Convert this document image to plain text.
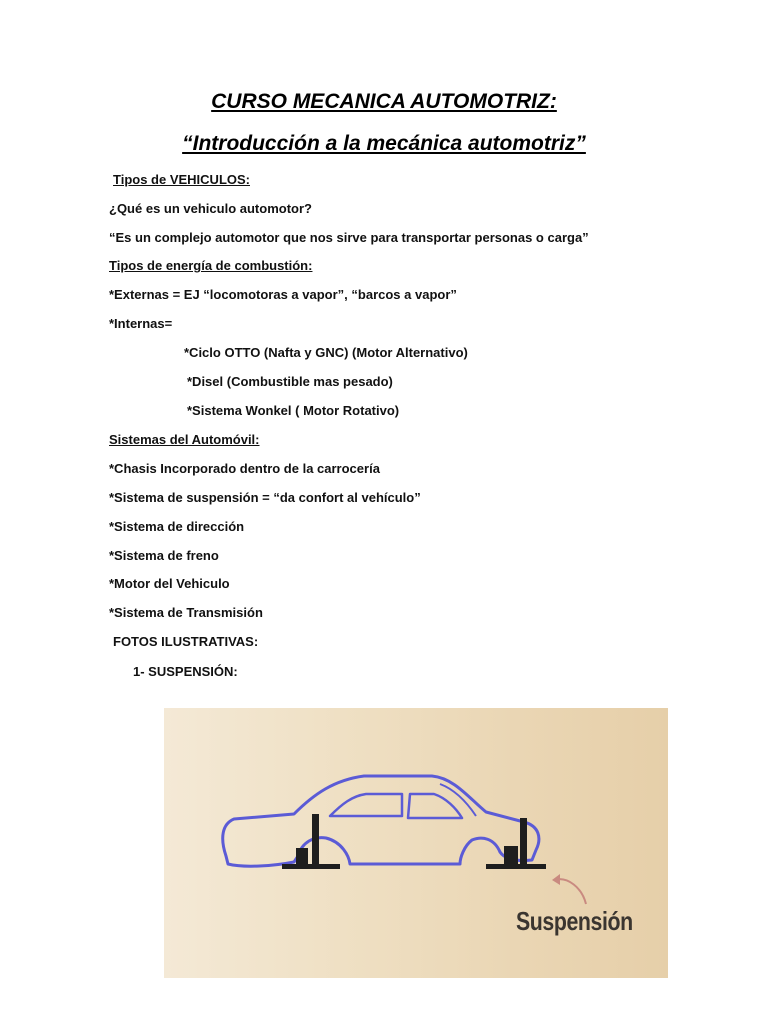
CURSO MECANICA AUTOMOTRIZ:
“Introducción a la mecánica automotriz”
Tipos de VEHICULOS:
¿Qué es un vehiculo automotor?
“Es un complejo automotor que nos sirve para transportar personas o carga”
Tipos de energía de combustión:
*Externas = EJ “locomotoras a vapor”, “barcos a vapor”
*Internas=
*Ciclo OTTO (Nafta y GNC) (Motor Alternativo)
*Disel (Combustible mas pesado)
*Sistema Wonkel ( Motor Rotativo)
Sistemas del Automóvil:
*Chasis Incorporado dentro de la carrocería
*Sistema de suspensión = “da confort al vehículo”
*Sistema de dirección
*Sistema de freno
*Motor del Vehiculo
*Sistema de Transmisión
FOTOS ILUSTRATIVAS:
1- SUSPENSIÓN:
Suspensión
